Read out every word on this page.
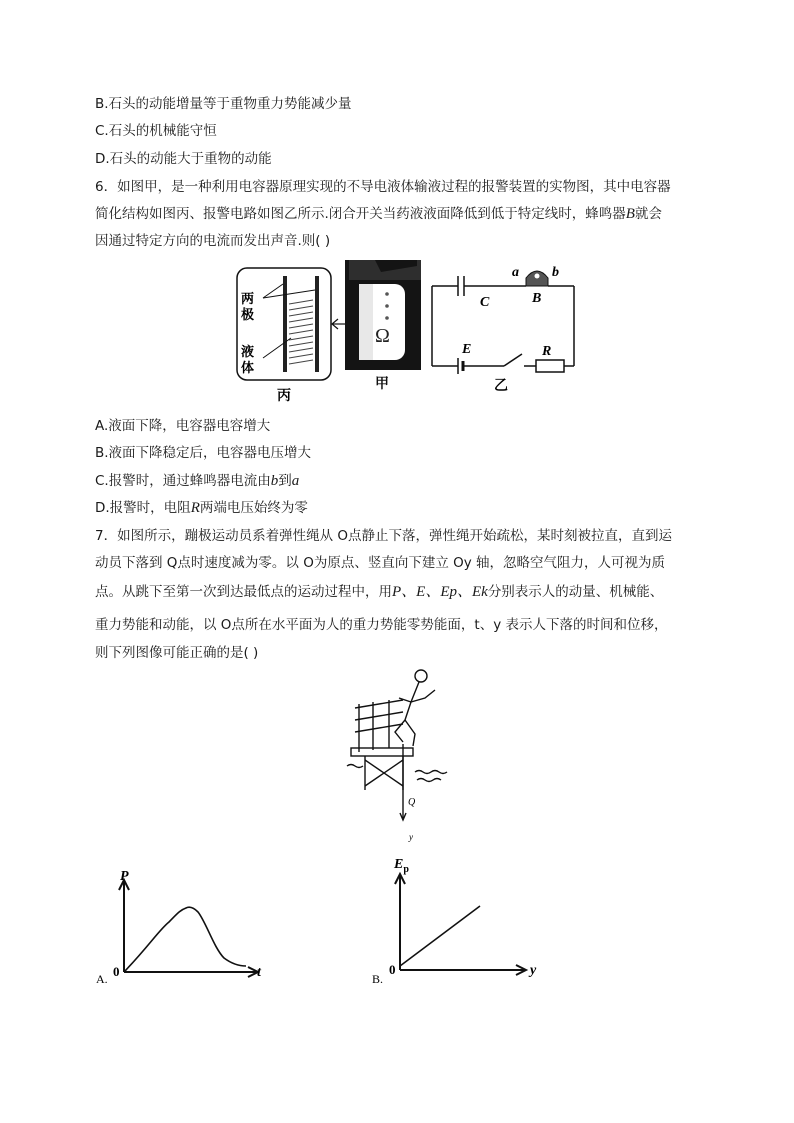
B.石头的动能增量等于重物重力势能减少量
C.石头的机械能守恒
D.石头的动能大于重物的动能
6．如图甲，是一种利用电容器原理实现的不导电液体输液过程的报警装置的实物图，其中电容器
简化结构如图丙、报警电路如图乙所示.闭合开关当药液液面降低到低于特定线时，蜂鸣器B就会
因通过特定方向的电流而发出声音.则( )
两
极
液
体
丙
Ω
甲
a b
B
C
E	R
乙
A.液面下降，电容器电容增大
B.液面下降稳定后，电容器电压增大
C.报警时，通过蜂鸣器电流由b到a
D.报警时，电阻R两端电压始终为零
7．如图所示，蹦极运动员系着弹性绳从 O点静止下落，弹性绳开始疏松，某时刻被拉直，直到运
动员下落到 Q点时速度减为零。以 O为原点、竖直向下建立 Oy 轴，忽略空气阻力，人可视为质
点。从跳下至第一次到达最低点的运动过程中，用P、E、Ep、Ek分别表示人的动量、机械能、
重力势能和动能，以 O点所在水平面为人的重力势能零势能面，t、y 表示人下落的时间和位移，
则下列图像可能正确的是( )
Q
y
P
0	t
A.
$E_p$
0	y
B.
